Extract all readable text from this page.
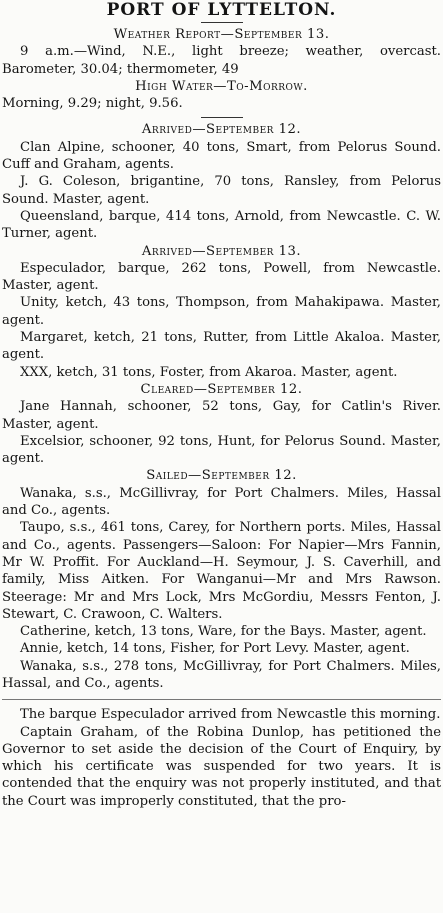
PORT OF LYTTELTON.

Weather Report—September 13.

9 a.m.—Wind, N.E., light breeze; weather, overcast. Barometer, 30.04; thermometer, 49

High Water—To-Morrow.

Morning, 9.29; night, 9.56.

Arrived—September 12.

Clan Alpine, schooner, 40 tons, Smart, from Pelorus Sound. Cuff and Graham, agents.

J. G. Coleson, brigantine, 70 tons, Ransley, from Pelorus Sound. Master, agent.

Queensland, barque, 414 tons, Arnold, from Newcastle. C. W. Turner, agent.

Arrived—September 13.

Especulador, barque, 262 tons, Powell, from Newcastle. Master, agent.

Unity, ketch, 43 tons, Thompson, from Mahakipawa. Master, agent.

Margaret, ketch, 21 tons, Rutter, from Little Akaloa. Master, agent.

XXX, ketch, 31 tons, Foster, from Akaroa. Master, agent.

Cleared—September 12.

Jane Hannah, schooner, 52 tons, Gay, for Catlin's River. Master, agent.

Excelsior, schooner, 92 tons, Hunt, for Pelorus Sound. Master, agent.

Sailed—September 12.

Wanaka, s.s., McGillivray, for Port Chalmers. Miles, Hassal and Co., agents.

Taupo, s.s., 461 tons, Carey, for Northern ports. Miles, Hassal and Co., agents. Passengers—Saloon: For Napier—Mrs Fannin, Mr W. Proffit. For Auckland—H. Seymour, J. S. Caverhill, and family, Miss Aitken. For Wanganui—Mr and Mrs Rawson. Steerage: Mr and Mrs Lock, Mrs McGordiu, Messrs Fenton, J. Stewart, C. Crawoon, C. Walters.

Catherine, ketch, 13 tons, Ware, for the Bays. Master, agent.

Annie, ketch, 14 tons, Fisher, for Port Levy. Master, agent.

Wanaka, s.s., 278 tons, McGillivray, for Port Chalmers. Miles, Hassal, and Co., agents.

The barque Especulador arrived from Newcastle this morning.

Captain Graham, of the Robina Dunlop, has petitioned the Governor to set aside the decision of the Court of Enquiry, by which his certificate was suspended for two years. It is contended that the enquiry was not properly instituted, and that the Court was improperly constituted, that the pro-
